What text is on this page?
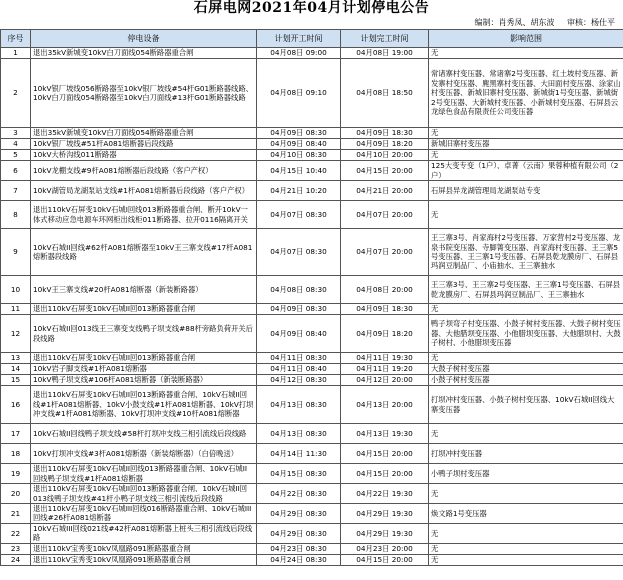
石屏电网2021年04月计划停电公告
编制：肖秀凤、胡东波 审核：杨仕平
序号	停电设备	计划开工时间	计划完工时间	影响范围
1	退出35kV新城变10kV白刀面线054断路器重合闸	04月08日 09:00	04月08日 19:00	无
2	10kV银厂坡线056断路器至10kV银厂坡线#54杆G01断路器线路、10kV白刀面线054断路器至10kV白刀面线#13杆G01断路器线路	04月08日 09:10	04月08日 18:50	常诸寨村变压器、常诸寨2号变压器、红土坡村变压器、新发寨村变压器、麂黑寨村变压器、大田面村变压器、涂家山村变压器、新城旧寨村变压器、新城街1号变压器、新城街2号变压器、大新城村变压器、小新城村变压器、石屏县云龙绿色食品有限责任公司变压器
3	退出35kV新城变10kV白刀面线054断路器重合闸	04月09日 08:30	04月09日 18:30	无
4	10kV银厂坡线#51杆A081熔断器后段线路	04月09日 08:40	04月09日 18:20	新城旧寨村变压器
5	10kV大桥沟线011断路器	04月10日 08:30	04月10日 20:00	无
6	10kV龙棚支线#9杆A081熔断器后段线路（客户产权）	04月15日 10:40	04月15日 20:00	125大变专变（1户）、卓菁（云南）果蓉种植有限公司（2户）
7	10kV湖管局龙湖泵站支线#1杆A081熔断器后段线路（客户产权）	04月21日 10:20	04月21日 20:00	石屏县异龙湖管理局龙湖泵站专变
8	退出110kV石屏变10kV石城I回线013断路器重合闸、断开10kV一体式移动应急电源车环网柜出线柜011断路器、拉开0116隔离开关	04月07日 08:30	04月07日 20:00	无
9	10kV石城II回线#62杆A081熔断器至10kV王三寨支线#17杆A081熔断器段线路	04月07日 08:30	04月07日 20:00	王三寨3号、肖家海村2号变压器、万家营村2号变压器、龙泉书院变压器、寺脚箐变压器、肖家海村变压器、王三寨5号变压器、王三寨1号变压器、石屏县乾龙膜房厂、石屏县玛润豆制品厂、小庙抽水、王三寨抽水
10	10kV王三寨支线#20杆A081熔断器（新装断路器）	04月08日 08:30	04月08日 20:00	王三寨3号、王三寨2号变压器、王三寨1号变压器、石屏县乾龙膜房厂、石屏县玛润豆制品厂、王三寨抽水
11	退出110kV石屏变10kV石城II回013断路器重合闸	04月09日 08:30	04月09日 18:30	无
12	10kV石城II回013线王三寨变支线鸭子坝支线#88杆旁路负荷开关后段线路	04月09日 08:40	04月09日 18:20	鸭子坝弯子村变压器、小鼓子树村变压器、大鼓子树村变压器、大他腊坝变压器、小他腊坝变压器、大他腊坝村、大鼓子树村、小他腊坝变压器
13	退出110kV石屏变10kV石城II回013断路器重合闸	04月11日 08:30	04月11日 19:30	无
14	10kV岩子脚支线#1杆A081熔断器	04月11日 08:40	04月11日 19:20	大鼓子树村变压器
15	10kV鸭子坝支线#106杆A081熔断器（新装断路器）	04月12日 08:30	04月12日 20:00	小鼓子树村变压器
16	退出110kV石屏变10kV石城II回013断路器重合闸、10kV石城II回线#1杆A081熔断器、10kV小鼓支线#1杆A081熔断器、10kV打坝冲支线#1杆A081熔断器、10kV打坝冲支线#10杆A081熔断器	04月13日 08:30	04月13日 20:00	打坝冲村变压器、小鼓子树村变压器、10kV石城II回线大寨变压器
17	10kV石城II回线鸭子坝支线#58杆打坝冲支线三相引流线后段线路	04月13日 08:30	04月13日 19:30	无
18	10kV打坝冲支线#3杆A081熔断器（新装熔断器）（白倍晚送）	04月14日 11:30	04月15日 20:00	打坝冲村变压器
19	退出110kV石屏变10kV石城II回线013断路器重合闸、10kV石城II回线鸭子坝支线#1杆A081熔断器	04月15日 08:30	04月15日 20:00	小鸭子坝村变压器
20	退出110kV石屏变10kV石城II回013断路器重合闸、10kV石城II回013线鸭子坝支线#41杆小鸭子坝支线三相引流线后段线路	04月22日 08:30	04月22日 19:30	无
21	退出110kV石屏变10kV石城III回线016断路器重合闸、10kV石城III回线#26杆A081熔断器	04月29日 08:30	04月29日 19:30	焕文路1号变压器
22	10kV石城III回线021线#42杆A081熔断器上桩头三相引流线后段线路	04月29日 08:30	04月29日 19:30	无
23	退出110kV宝秀变10kV凤凰路091断路器重合闸	04月23日 08:30	04月23日 20:00	无
24	退出110kV宝秀变10kV凤凰路091断路器重合闸	04月24日 08:30	04月15日 20:00	无
